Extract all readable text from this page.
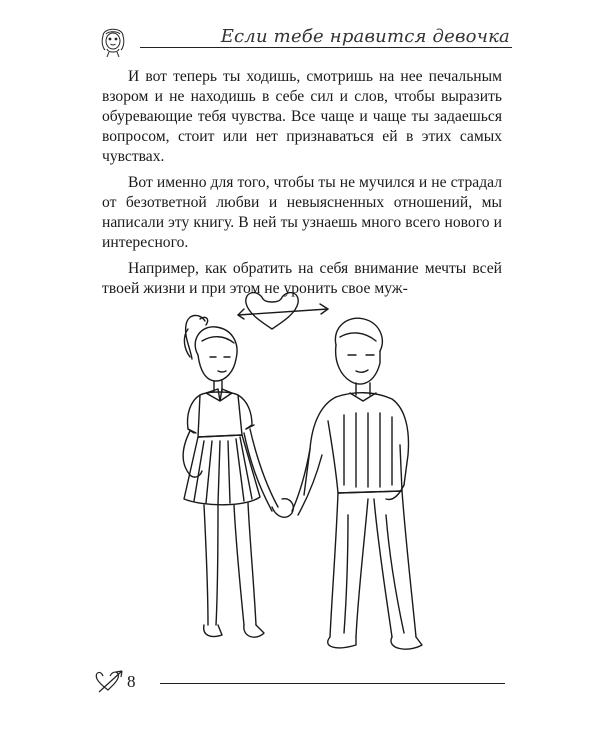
Если тебе нравится девочка

И вот теперь ты ходишь, смотришь на нее печальным взором и не находишь в себе сил и слов, чтобы выразить обуревающие тебя чувства. Все чаще и чаще ты задаешься вопросом, стоит или нет признаваться ей в этих самых чувствах.

Вот именно для того, чтобы ты не мучился и не страдал от безответной любви и невыясненных отношений, мы написали эту книгу. В ней ты узнаешь много всего нового и интересного.

Например, как обратить на себя внимание мечты всей твоей жизни и при этом не уронить свое муж-

8
